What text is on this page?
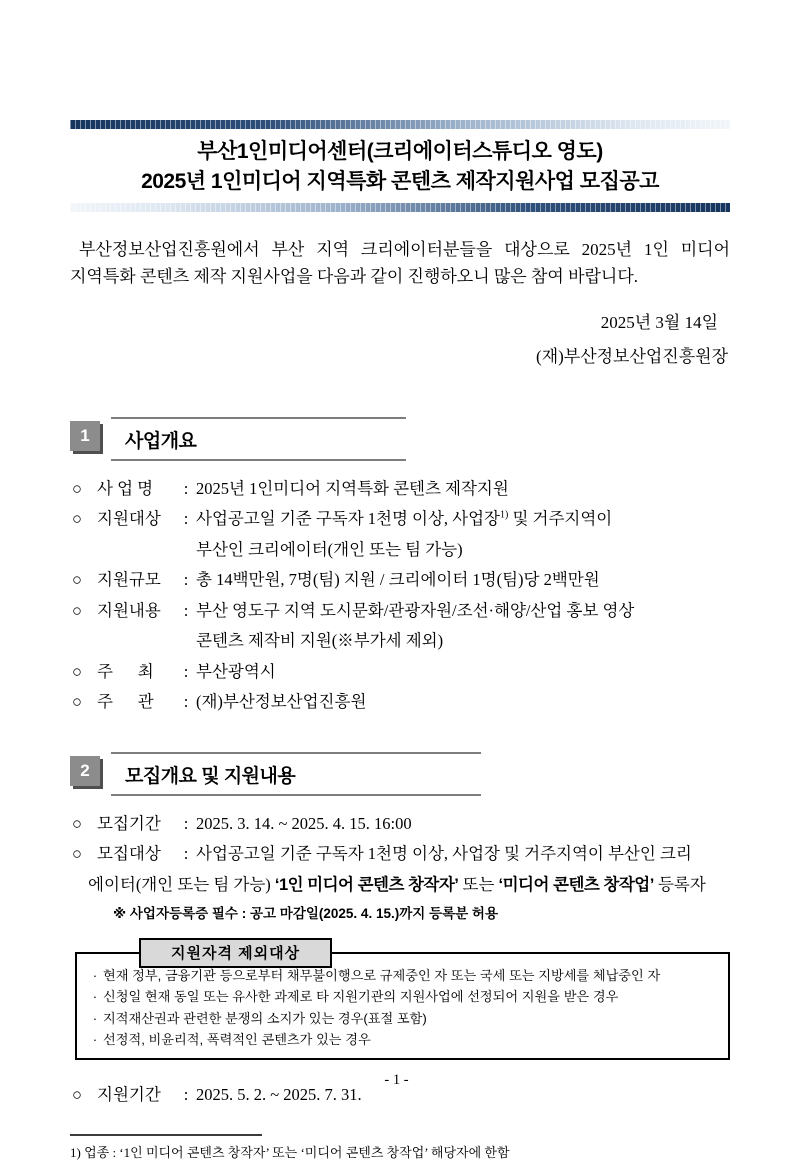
부산1인미디어센터(크리에이터스튜디오 영도)
2025년 1인미디어 지역특화 콘텐츠 제작지원사업 모집공고

부산정보산업진흥원에서 부산 지역 크리에이터분들을 대상으로 2025년 1인 미디어 지역특화 콘텐츠 제작 지원사업을 다음과 같이 진행하오니 많은 참여 바랍니다.

2025년 3월 14일
(재)부산정보산업진흥원장
1	사업개요
○ 사 업 명	: 2025년 1인미디어 지역특화 콘텐츠 제작지원
○ 지원대상	: 사업공고일 기준 구독자 1천명 이상, 사업장$^{1)}$ 및 거주지역이
부산인 크리에이터(개인 또는 팀 가능)
○ 지원규모	: 총 14백만원, 7명(팀) 지원 / 크리에이터 1명(팀)당 2백만원
○ 지원내용	: 부산 영도구 지역 도시문화/관광자원/조선·해양/산업 홍보 영상
콘텐츠 제작비 지원(※부가세 제외)
○ 주      최	: 부산광역시
○ 주      관	: (재)부산정보산업진흥원
2	모집개요 및 지원내용
○ 모집기간	: 2025. 3. 14. ~ 2025. 4. 15. 16:00
○ 모집대상 : 사업공고일 기준 구독자 1천명 이상, 사업장 및 거주지역이 부산인 크리
에이터(개인 또는 팀 가능) ‘1인 미디어 콘텐츠 창작자’ 또는 ‘미디어 콘텐츠 창작업’ 등록자
※ 사업자등록증 필수 : 공고 마감일(2025. 4. 15.)까지 등록분 허용
지원자격 제외대상
· 현재 정부, 금융기관 등으로부터 채무불이행으로 규제중인 자 또는 국세 또는 지방세를 체납중인 자
· 신청일 현재 동일 또는 유사한 과제로 타 지원기관의 지원사업에 선정되어 지원을 받은 경우
· 지적재산권과 관련한 분쟁의 소지가 있는 경우(표절 포함)
· 선정적, 비윤리적, 폭력적인 콘텐츠가 있는 경우
○ 지원기간	: 2025. 5. 2. ~ 2025. 7. 31.
1) 업종 : ‘1인 미디어 콘텐츠 창작자’ 또는 ‘미디어 콘텐츠 창작업’ 해당자에 한함
- 1 -
